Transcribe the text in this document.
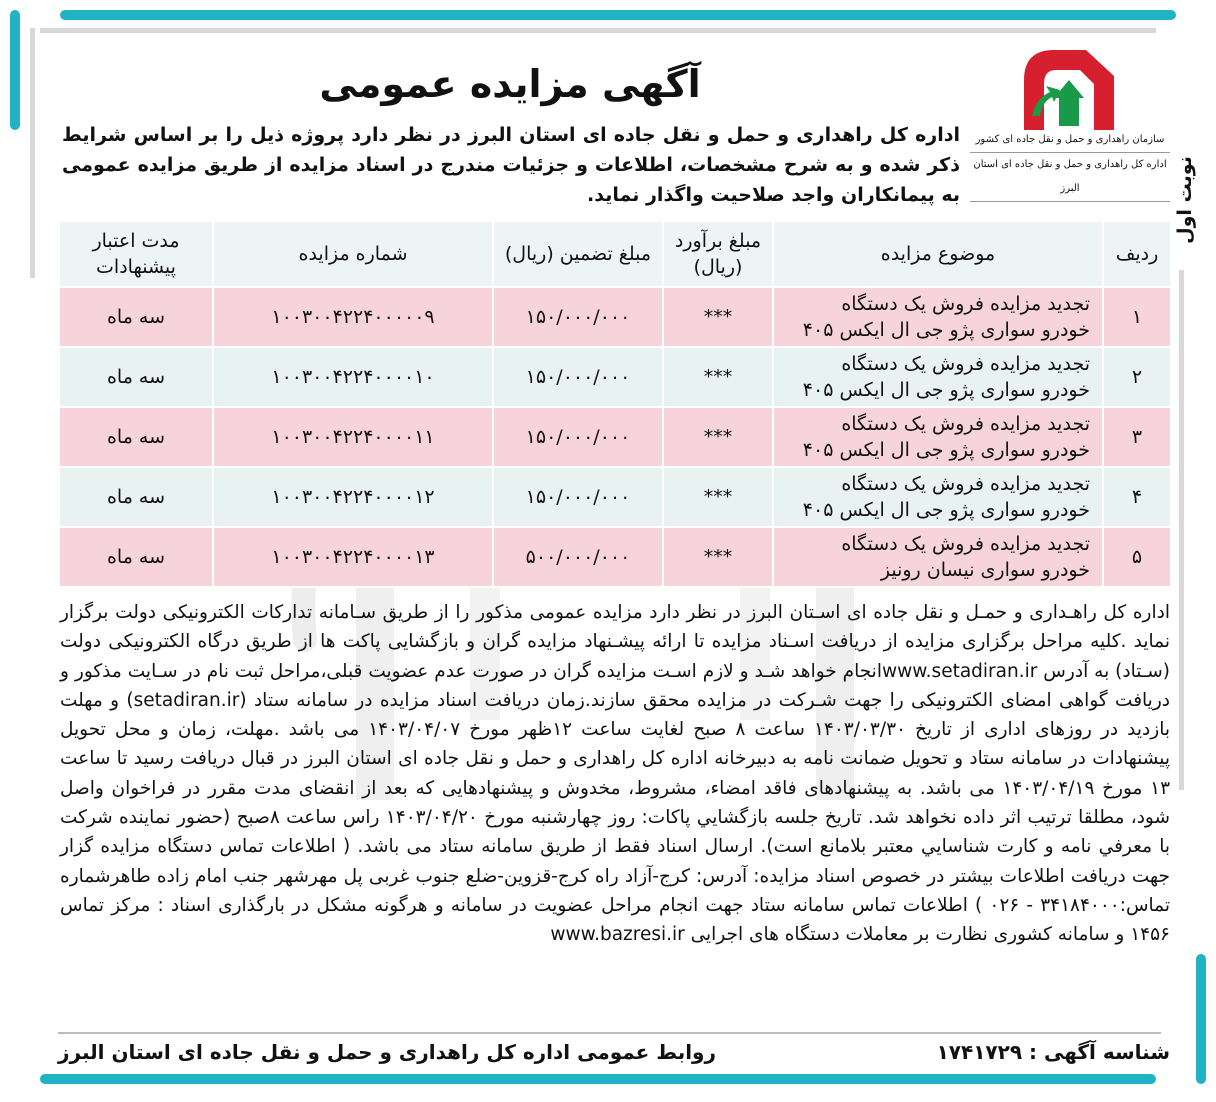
نوبت اول
سازمان راهداری و حمل و نقل جاده ای کشور
اداره کل راهداری و حمل و نقل جاده ای استان البرز
آگهی مزایده عمومی
اداره کل راهداری و حمل و نقل جاده ای استان البرز در نظر دارد پروژه ذیل را بر اساس شرایط ذکر شده و به شرح مشخصات، اطلاعات و جزئیات مندرج در اسناد مزایده از طریق مزایده عمومی به پیمانکاران واجد صلاحیت واگذار نماید.
ردیف	موضوع مزایده	مبلغ برآورد (ریال)	مبلغ تضمین (ریال)	شماره مزایده	مدت اعتبار پیشنهادات
۱	تجدید مزایده فروش یک دستگاه
خودرو سواری پژو جی ال ایکس ۴۰۵	***	۱۵۰/۰۰۰/۰۰۰	۱۰۰۳۰۰۴۲۲۴۰۰۰۰۰۹	سه ماه
۲	تجدید مزایده فروش یک دستگاه
خودرو سواری پژو جی ال ایکس ۴۰۵	***	۱۵۰/۰۰۰/۰۰۰	۱۰۰۳۰۰۴۲۲۴۰۰۰۰۱۰	سه ماه
۳	تجدید مزایده فروش یک دستگاه
خودرو سواری پژو جی ال ایکس ۴۰۵	***	۱۵۰/۰۰۰/۰۰۰	۱۰۰۳۰۰۴۲۲۴۰۰۰۰۱۱	سه ماه
۴	تجدید مزایده فروش یک دستگاه
خودرو سواری پژو جی ال ایکس ۴۰۵	***	۱۵۰/۰۰۰/۰۰۰	۱۰۰۳۰۰۴۲۲۴۰۰۰۰۱۲	سه ماه
۵	تجدید مزایده فروش یک دستگاه
خودرو سواری نیسان رونیز	***	۵۰۰/۰۰۰/۰۰۰	۱۰۰۳۰۰۴۲۲۴۰۰۰۰۱۳	سه ماه
اداره کل راهـداری و حمـل و نقل جاده ای اسـتان البرز در نظر دارد مزایده عمومی مذکور را از طریق سـامانه تدارکات الکترونیکی دولت برگزار نماید .کلیه مراحل برگزاری مزایده از دریافت اسـناد مزایده تا ارائه پیشـنهاد مزایده گران و بازگشایی پاکت ها از طریق درگاه الکترونیکی دولت (سـتاد) به آدرس www.setadiran.irانجام خواهد شـد و لازم اسـت مزایده گران در صورت عدم عضویت قبلی،مراحل ثبت نام در سـایت مذکور و دریافت گواهی امضای الکترونیکی را جهت شـرکت در مزایده محقق سازند.زمان دریافت اسناد مزایده در سامانه ستاد (setadiran.ir) و مهلت بازدید در روزهای اداری از تاریخ ۱۴۰۳/۰۳/۳۰ ساعت ۸ صبح لغایت ساعت ۱۲ظهر مورخ ۱۴۰۳/۰۴/۰۷ می باشد .مهلت، زمان و محل تحویل پیشنهادات در سامانه ستاد و تحویل ضمانت نامه به دبیرخانه اداره کل راهداری و حمل و نقل جاده ای استان البرز در قبال دریافت رسید تا ساعت ۱۳ مورخ ۱۴۰۳/۰۴/۱۹ می باشد. به پیشنهادهای فاقد امضاء، مشروط، مخدوش و پیشنهادهایی که بعد از انقضای مدت مقرر در فراخوان واصل شود، مطلقا ترتیب اثر داده نخواهد شد. تاریخ جلسه بازگشايي پاكات: روز چهارشنبه مورخ ۱۴۰۳/۰۴/۲۰ راس ساعت ۸صبح (حضور نماينده شركت با معرفي نامه و كارت شناسايي معتبر بلامانع است). ارسال اسناد فقط از طریق سامانه ستاد می باشد. ( اطلاعات تماس دستگاه مزایده گزار جهت دریافت اطلاعات بیشتر در خصوص اسناد مزایده: آدرس: کرج-آزاد راه کرج-قزوین-ضلع جنوب غربی پل مهرشهر جنب امام زاده طاهرشماره تماس:۳۴۱۸۴۰۰۰ - ۰۲۶ ) اطلاعات تماس سامانه ستاد جهت انجام مراحل عضویت در سامانه و هرگونه مشکل در بارگذاری اسناد : مرکز تماس ۱۴۵۶ و سامانه کشوری نظارت بر معاملات دستگاه های اجرایی www.bazresi.ir
شناسه آگهی : ۱۷۴۱۷۲۹
روابط عمومی اداره کل راهداری و حمل و نقل جاده ای استان البرز
